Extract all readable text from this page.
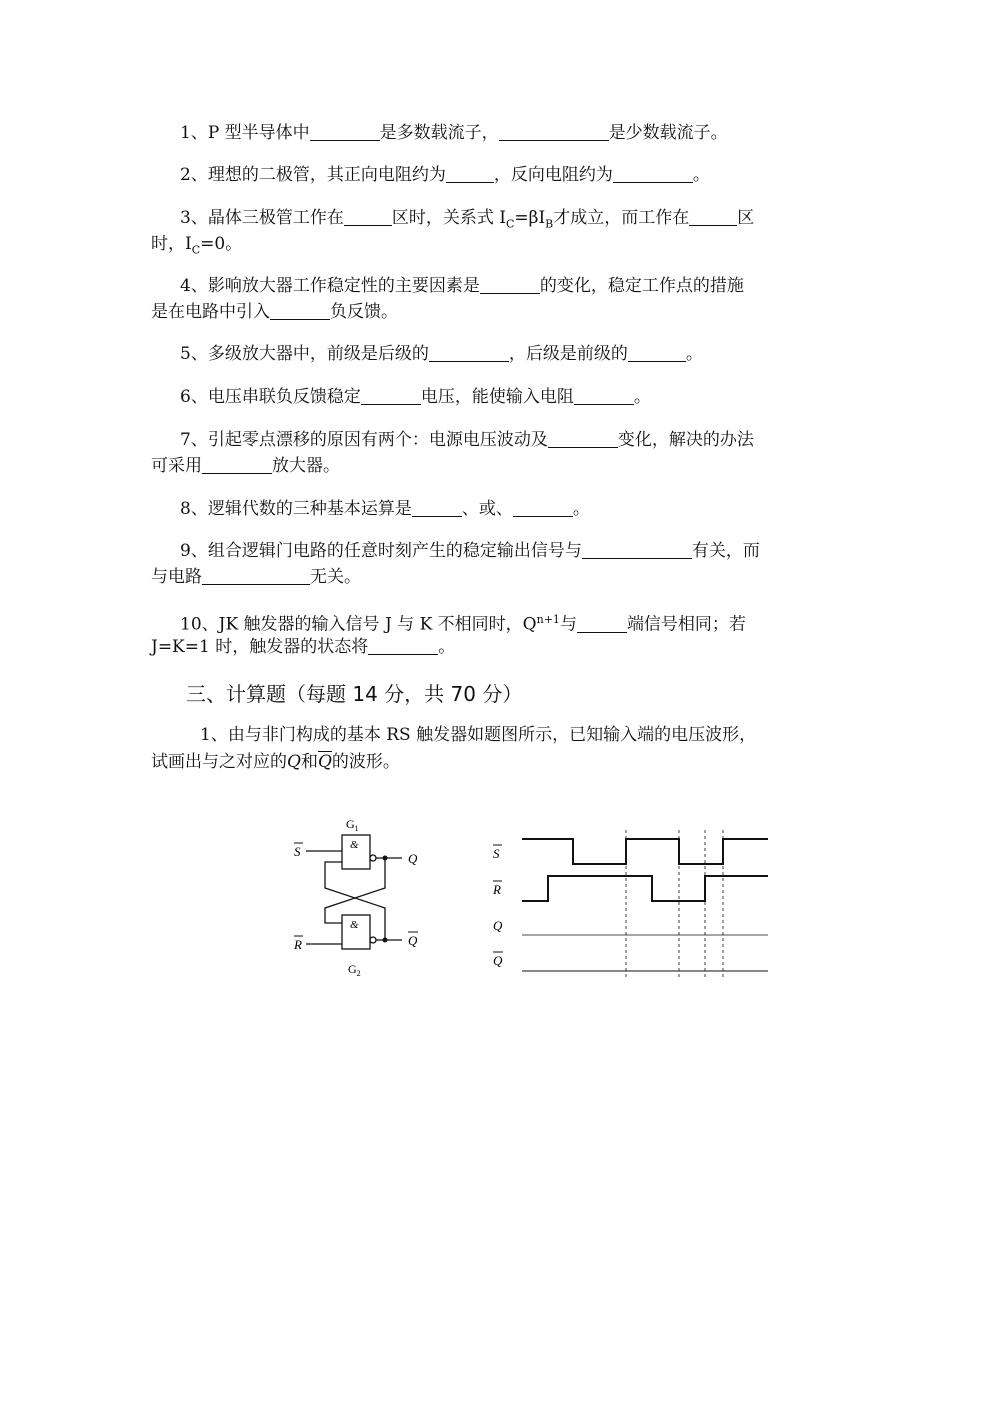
1、P 型半导体中	是多数载流子，	是少数载流子。
2、理想的二极管，其正向电阻约为	，反向电阻约为	。
3、晶体三极管工作在	区时，关系式 $I_C=\beta I_B$才成立，而工作在	区
时，$I_C=0$。
4、影响放大器工作稳定性的主要因素是	的变化，稳定工作点的措施
是在电路中引入	负反馈。
5、多级放大器中，前级是后级的	，后级是前级的	。
6、电压串联负反馈稳定	电压，能使输入电阻	。
7、引起零点漂移的原因有两个：电源电压波动及	变化，解决的办法
可采用	放大器。
8、逻辑代数的三种基本运算是	、或、	。
9、组合逻辑门电路的任意时刻产生的稳定输出信号与	有关，而
与电路	无关。
10、JK 触发器的输入信号 J 与 K 不相同时，$Q^{n+1}$与	端信号相同；若
J=K=1 时，触发器的状态将	。
三、计算题（每题 14 分，共 70 分）
1、由与非门构成的基本 RS 触发器如题图所示，已知输入端的电压波形，
试画出与之对应的Q和$\overline{Q}$的波形。
$G_1$
$G_2$
&
&
S
R
Q
Q
S
R
Q
Q
